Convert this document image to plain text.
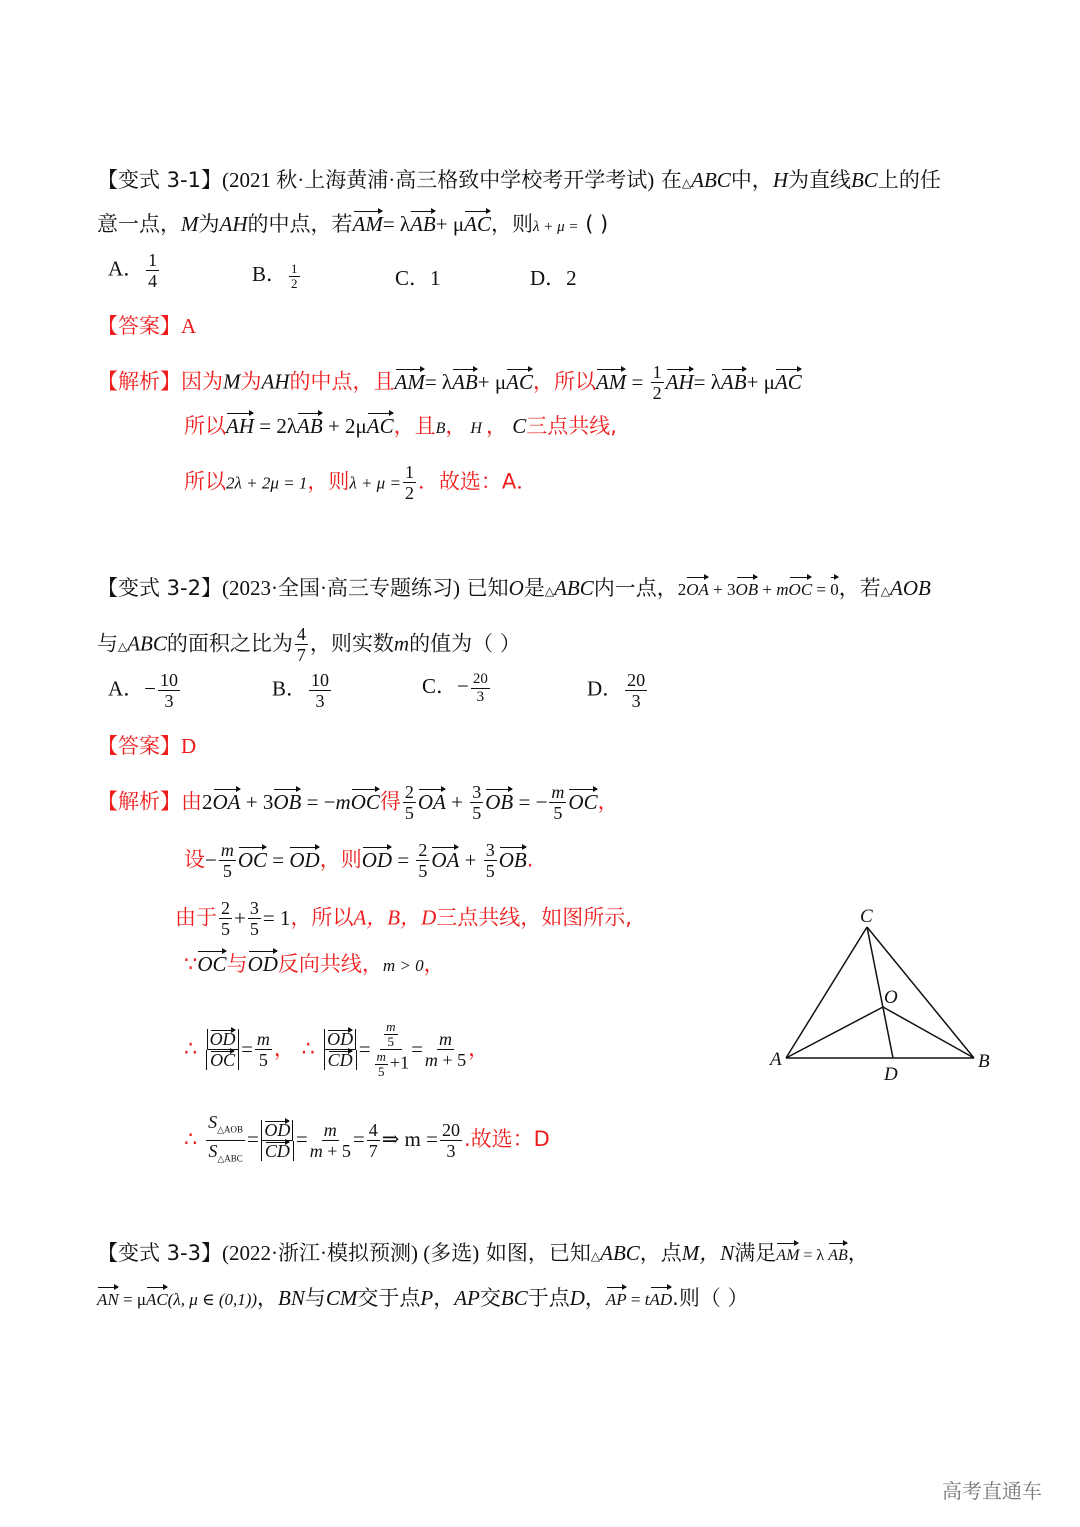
【变式 3-1】(2021 秋·上海黄浦·高三格致中学校考开学考试) 在△ABC中，H为直线BC上的任
意一点，M为AH的中点，若AM= λAB+ μAC，则λ + μ = ( )
A． $\frac{1}{4}$	B． $\frac{1}{2}$	C．1	D．2
【答案】A
【解析】因为M为AH的中点，且AM= λAB+ μAC，所以AM = $\frac{1}{2} AH= \lambda AB+ \mu AC$
所以AH = 2λAB + 2μAC，且B， H ， C三点共线,
所以2λ + 2μ = 1，则$\lambda + \mu = \frac{1}{2}$ ．故选：A．
【变式 3-2】(2023·全国·高三专题练习) 已知O是△ABC内一点，2OA + 3OB + mOC = 0，若△AOB
与△ABC的面积之比为 $\frac{4}{7}$ ，则实数m的值为（ ）
A．− $\frac{10}{3}$	B． $\frac{10}{3}$	C．− $\frac{20}{3}$	D． $\frac{20}{3}$
【答案】D
【解析】由2OA + 3OB = −mOC得 $\frac{2}{5}$ OA + $\frac{3}{5}$ OB = − $\frac{m}{5}$ OC，
设− $\frac{m}{5}$ OC = OD，则OD = $\frac{2}{5}$ OA + $\frac{3}{5}$ OB.
由于 $\frac{2}{5} + \frac{3}{5} = 1$，所以A，B，D三点共线，如图所示,
∵OC与OD反向共线，m > 0，
∴ $\frac{OD}{OC} = \frac{m}{5}$ ， ∴ $\frac{OD}{CD} = \frac{\frac{m}{5}}{\frac{m}{5} +1} = \frac{m}{m + 5}$ ，
∴ $\frac{S_{\triangle AOB}}{S_{\triangle ABC}} = \frac{OD}{CD} = \frac{m}{m + 5} = \frac{4}{7}$ ⇒ $m = \frac{20}{3}$ .故选：D
C
O
A	B
D
【变式 3-3】(2022·浙江·模拟预测) (多选) 如图，已知△ABC，点M，N满足AM = λ AB，
AN = μAC(λ, μ ∈ (0,1))，BN与CM交于点P，AP交BC于点D，AP = tAD.则（ ）
高考直通车
